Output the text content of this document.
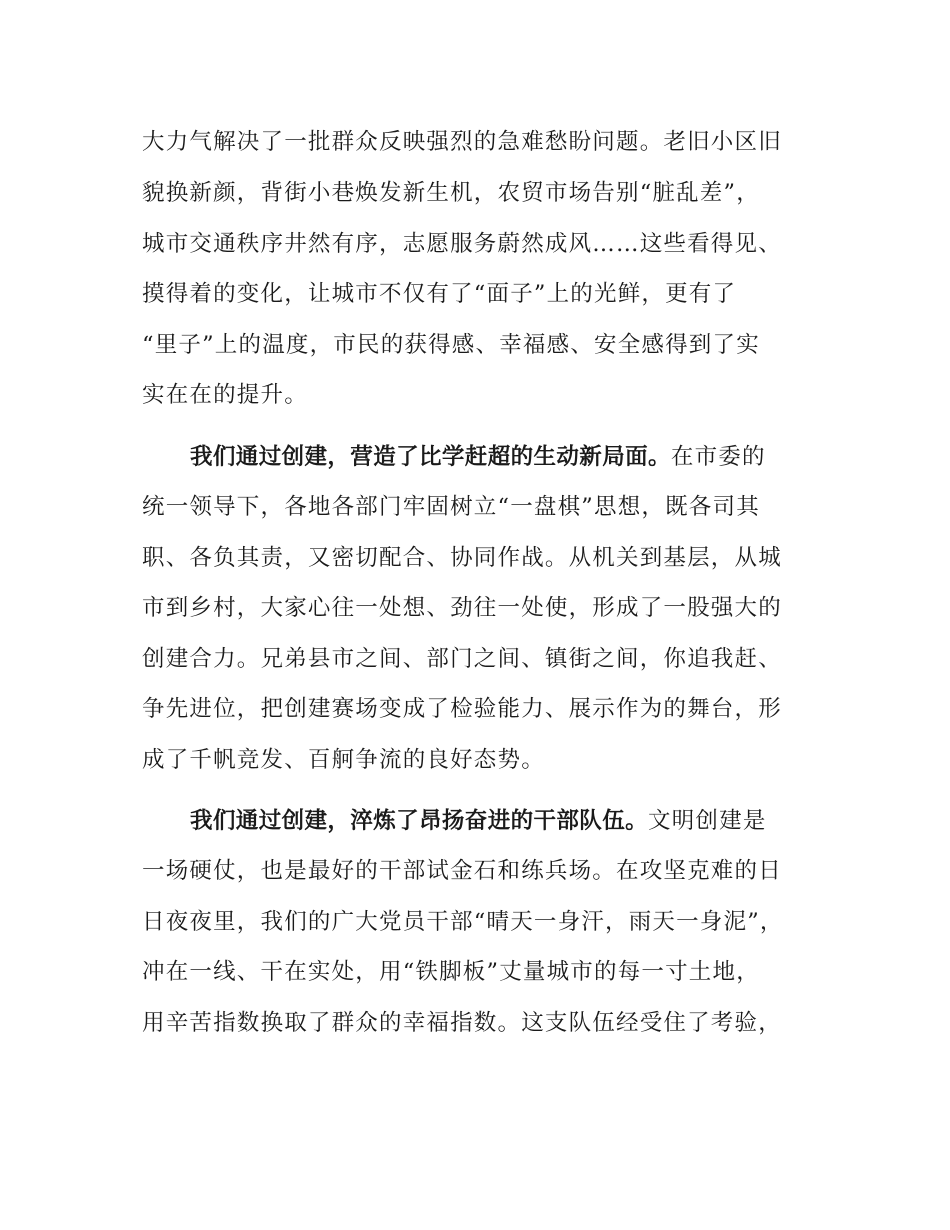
大力气解决了一批群众反映强烈的急难愁盼问题。老旧小区旧
貌换新颜，背街小巷焕发新生机，农贸市场告别“脏乱差”，
城市交通秩序井然有序，志愿服务蔚然成风……这些看得见、
摸得着的变化，让城市不仅有了“面子”上的光鲜，更有了
“里子”上的温度，市民的获得感、幸福感、安全感得到了实
实在在的提升。
我们通过创建，营造了比学赶超的生动新局面。在市委的
统一领导下，各地各部门牢固树立“一盘棋”思想，既各司其
职、各负其责，又密切配合、协同作战。从机关到基层，从城
市到乡村，大家心往一处想、劲往一处使，形成了一股强大的
创建合力。兄弟县市之间、部门之间、镇街之间，你追我赶、
争先进位，把创建赛场变成了检验能力、展示作为的舞台，形
成了千帆竞发、百舸争流的良好态势。
我们通过创建，淬炼了昂扬奋进的干部队伍。文明创建是
一场硬仗，也是最好的干部试金石和练兵场。在攻坚克难的日
日夜夜里，我们的广大党员干部“晴天一身汗，雨天一身泥”，
冲在一线、干在实处，用“铁脚板”丈量城市的每一寸土地，
用辛苦指数换取了群众的幸福指数。这支队伍经受住了考验，
